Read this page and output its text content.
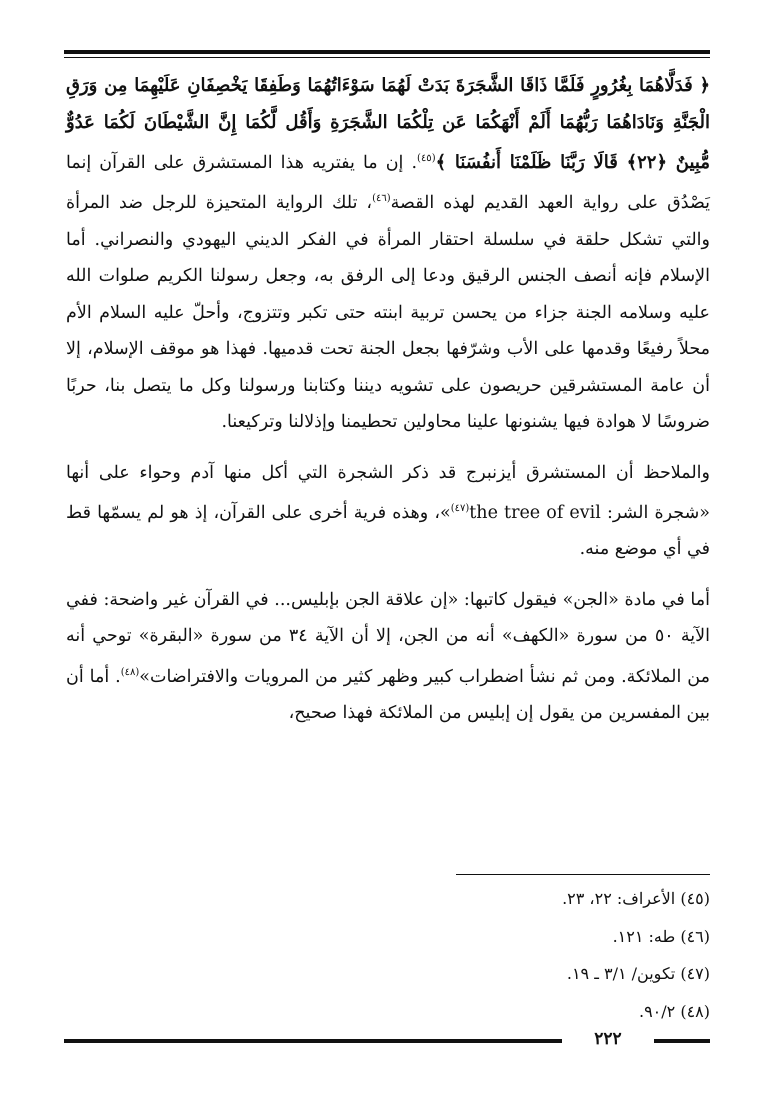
﴿ فَدَلَّاهُمَا بِغُرُورٍ فَلَمَّا ذَاقَا الشَّجَرَةَ بَدَتْ لَهُمَا سَوْءَاتُهُمَا وَطَفِقَا يَخْصِفَانِ عَلَيْهِمَا مِن وَرَقِ الْجَنَّةِ وَنَادَاهُمَا رَبُّهُمَا أَلَمْ أَنْهَكُمَا عَن تِلْكُمَا الشَّجَرَةِ وَأَقُل لَّكُمَا إِنَّ الشَّيْطَانَ لَكُمَا عَدُوٌّ مُّبِينٌ ﴿٢٢﴾ قَالَا رَبَّنَا ظَلَمْنَا أَنفُسَنَا ﴾$^{(٤٥)}$. إن ما يفتريه هذا المستشرق على القرآن إنما يَصْدُق على رواية العهد القديم لهذه القصة$^{(٤٦)}$، تلك الرواية المتحيزة للرجل ضد المرأة والتي تشكل حلقة في سلسلة احتقار المرأة في الفكر الديني اليهودي والنصراني. أما الإسلام فإنه أنصف الجنس الرقيق ودعا إلى الرفق به، وجعل رسولنا الكريم صلوات الله عليه وسلامه الجنة جزاء من يحسن تربية ابنته حتى تكبر وتتزوج، وأحلّ عليه السلام الأم محلاً رفيعًا وقدمها على الأب وشرّفها بجعل الجنة تحت قدميها. فهذا هو موقف الإسلام، إلا أن عامة المستشرقين حريصون على تشويه ديننا وكتابنا ورسولنا وكل ما يتصل بنا، حربًا ضروسًا لا هوادة فيها يشنونها علينا محاولين تحطيمنا وإذلالنا وتركيعنا.

والملاحظ أن المستشرق أيزنبرج قد ذكر الشجرة التي أكل منها آدم وحواء على أنها «شجرة الشر: the tree of evil$^{(٤٧)}$»، وهذه فرية أخرى على القرآن، إذ هو لم يسمّها قط في أي موضع منه.

أما في مادة «الجن» فيقول كاتبها: «إن علاقة الجن بإبليس... في القرآن غير واضحة: ففي الآية ٥٠ من سورة «الكهف» أنه من الجن، إلا أن الآية ٣٤ من سورة «البقرة» توحي أنه من الملائكة. ومن ثم نشأ اضطراب كبير وظهر كثير من المرويات والافتراضات»$^{(٤٨)}$. أما أن بين المفسرين من يقول إن إبليس من الملائكة فهذا صحيح،

(٤٥) الأعراف: ٢٢، ٢٣.

(٤٦) طه: ١٢١.

(٤٧) تكوين/ ٣/١ ـ ١٩.

(٤٨) ٩٠/٢.

٢٢٢
